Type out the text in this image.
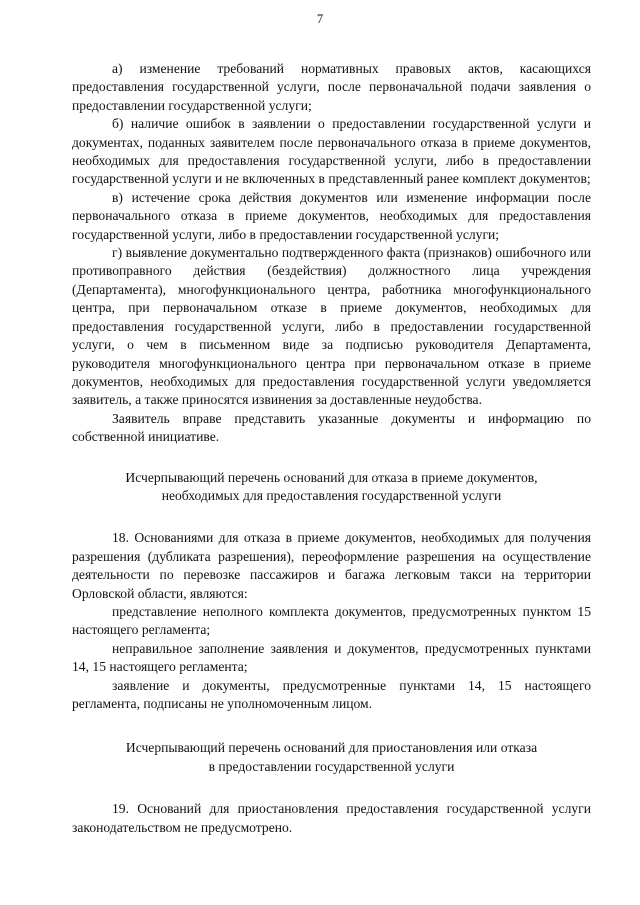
7

а) изменение требований нормативных правовых актов, касающихся предоставления государственной услуги, после первоначальной подачи заявления о предоставлении государственной услуги;

б) наличие ошибок в заявлении о предоставлении государственной услуги и документах, поданных заявителем после первоначального отказа в приеме документов, необходимых для предоставления государственной услуги, либо в предоставлении государственной услуги и не включенных в представленный ранее комплект документов;

в) истечение срока действия документов или изменение информации после первоначального отказа в приеме документов, необходимых для предоставления государственной услуги, либо в предоставлении государственной услуги;

г) выявление документально подтвержденного факта (признаков) ошибочного или противоправного действия (бездействия) должностного лица учреждения (Департамента), многофункционального центра, работника многофункционального центра, при первоначальном отказе в приеме документов, необходимых для предоставления государственной услуги, либо в предоставлении государственной услуги, о чем в письменном виде за подписью руководителя Департамента, руководителя многофункционального центра при первоначальном отказе в приеме документов, необходимых для предоставления государственной услуги уведомляется заявитель, а также приносятся извинения за доставленные неудобства.

Заявитель вправе представить указанные документы и информацию по собственной инициативе.

Исчерпывающий перечень оснований для отказа в приеме документов,
необходимых для предоставления государственной услуги

18. Основаниями для отказа в приеме документов, необходимых для получения разрешения (дубликата разрешения), переоформление разрешения на осуществление деятельности по перевозке пассажиров и багажа легковым такси на территории Орловской области, являются:

представление неполного комплекта документов, предусмотренных пунктом 15 настоящего регламента;

неправильное заполнение заявления и документов, предусмотренных пунктами 14, 15 настоящего регламента;

заявление и документы, предусмотренные пунктами 14, 15 настоящего регламента, подписаны не уполномоченным лицом.

Исчерпывающий перечень оснований для приостановления или отказа
в предоставлении государственной услуги

19. Оснований для приостановления предоставления государственной услуги законодательством не предусмотрено.
